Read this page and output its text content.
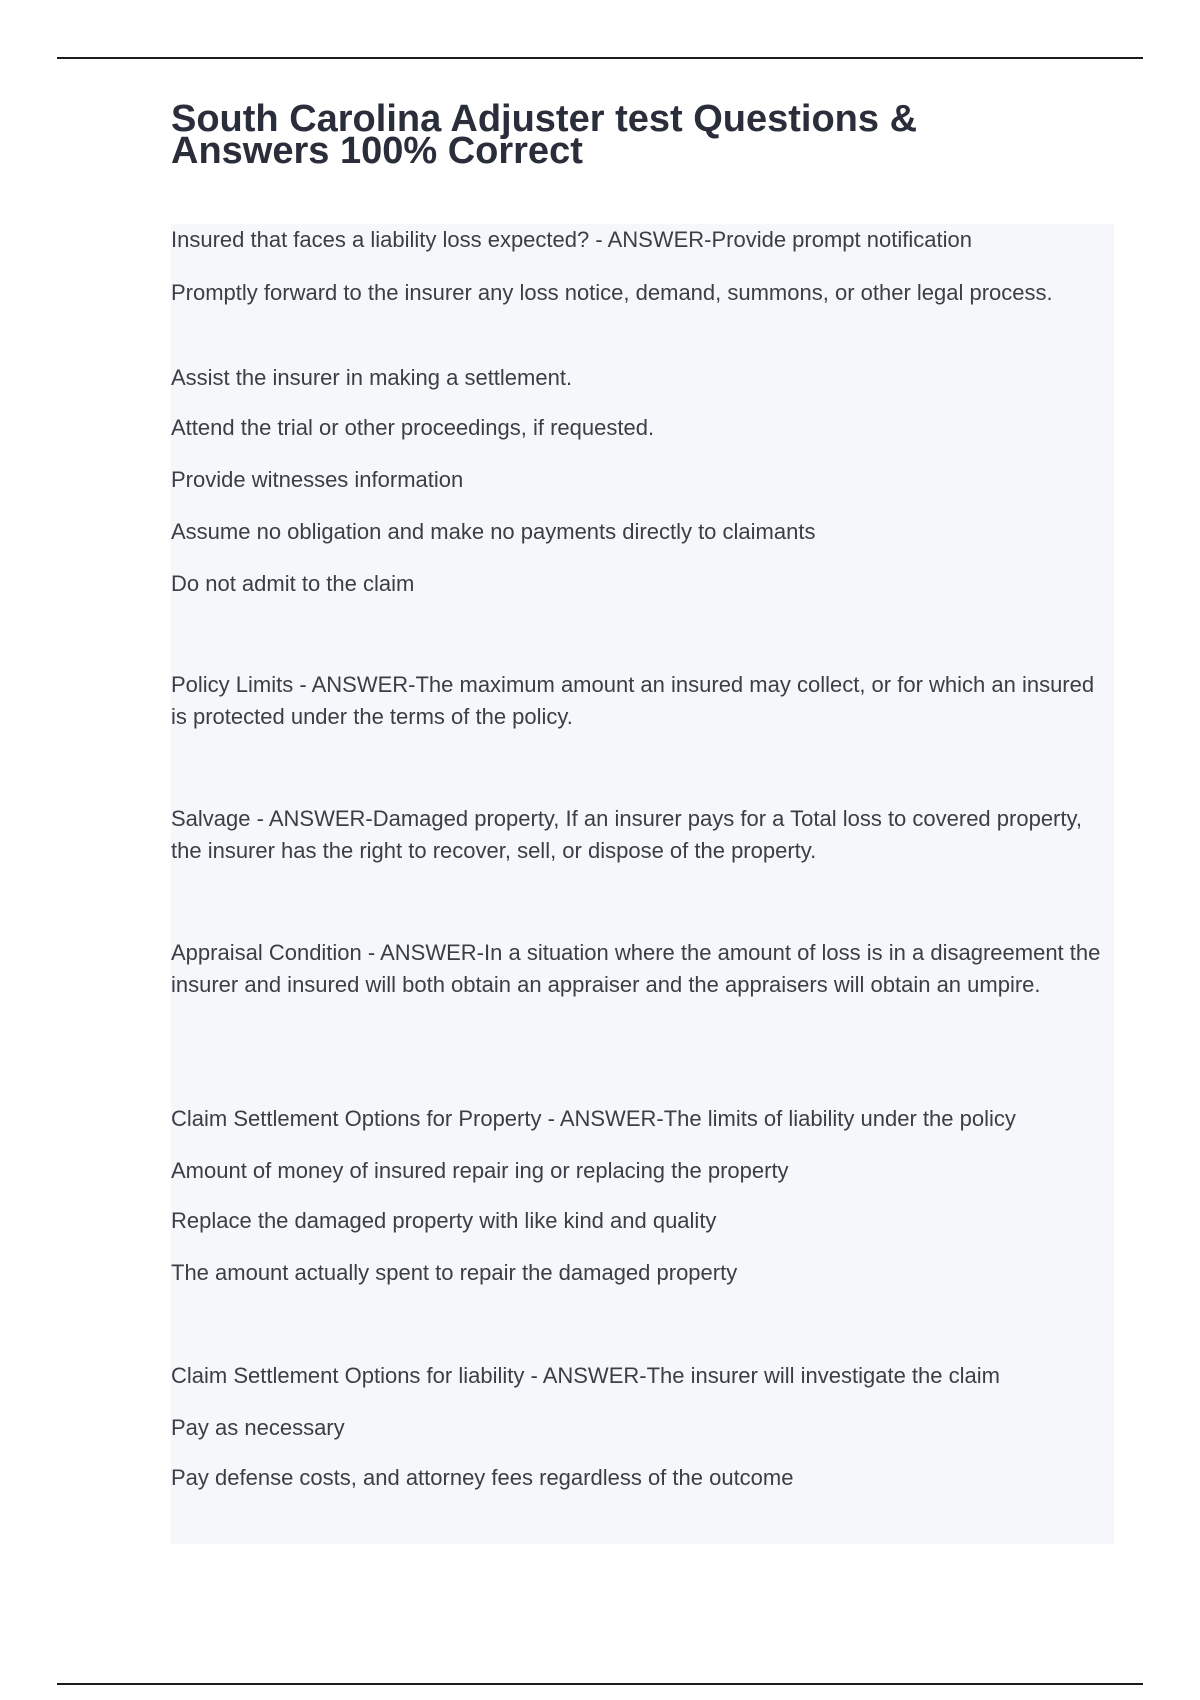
South Carolina Adjuster test Questions & Answers 100% Correct

Insured that faces a liability loss expected? - ANSWER-Provide prompt notification

Promptly forward to the insurer any loss notice, demand, summons, or other legal process.

Assist the insurer in making a settlement.

Attend the trial or other proceedings, if requested.

Provide witnesses information

Assume no obligation and make no payments directly to claimants

Do not admit to the claim

Policy Limits - ANSWER-The maximum amount an insured may collect, or for which an insured is protected under the terms of the policy.

Salvage - ANSWER-Damaged property, If an insurer pays for a Total loss to covered property, the insurer has the right to recover, sell, or dispose of the property.

Appraisal Condition - ANSWER-In a situation where the amount of loss is in a disagreement the insurer and insured will both obtain an appraiser and the appraisers will obtain an umpire.

Claim Settlement Options for Property - ANSWER-The limits of liability under the policy

Amount of money of insured repair ing or replacing the property

Replace the damaged property with like kind and quality

The amount actually spent to repair the damaged property

Claim Settlement Options for liability - ANSWER-The insurer will investigate the claim

Pay as necessary

Pay defense costs, and attorney fees regardless of the outcome
